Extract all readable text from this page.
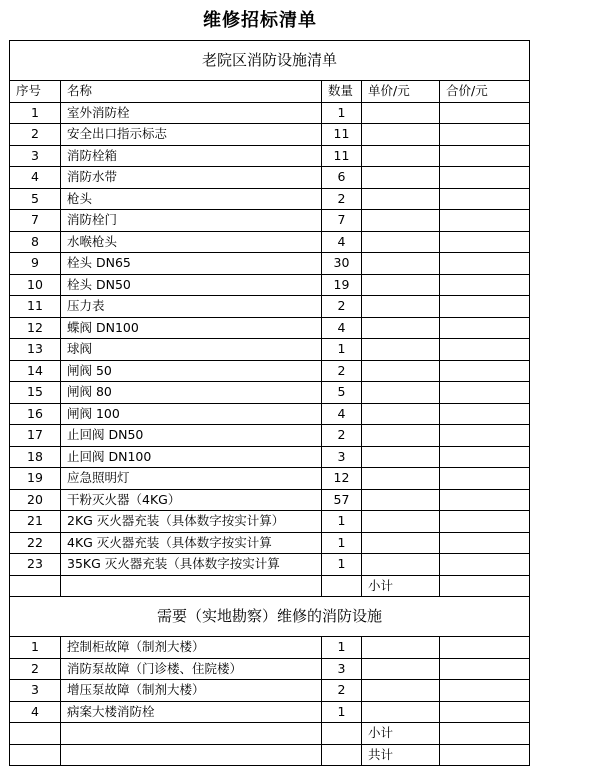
维修招标清单
老院区消防设施清单				
序号	名称	数量	单价/元	合价/元
1	室外消防栓	1		
2	安全出口指示标志	11		
3	消防栓箱	11		
4	消防水带	6		
5	枪头	2		
7	消防栓门	7		
8	水喉枪头	4		
9	栓头 DN65	30		
10	栓头 DN50	19		
11	压力表	2		
12	蝶阀 DN100	4		
13	球阀	1		
14	闸阀 50	2		
15	闸阀 80	5		
16	闸阀 100	4		
17	止回阀 DN50	2		
18	止回阀 DN100	3		
19	应急照明灯	12		
20	干粉灭火器（4KG）	57		
21	2KG 灭火器充装（具体数字按实计算）	1		
22	4KG 灭火器充装（具体数字按实计算	1		
23	35KG 灭火器充装（具体数字按实计算	1		
			小计	
需要（实地勘察）维修的消防设施				
1	控制柜故障（制剂大楼）	1		
2	消防泵故障（门诊楼、住院楼）	3		
3	增压泵故障（制剂大楼）	2		
4	病案大楼消防栓	1		
			小计	
			共计	
